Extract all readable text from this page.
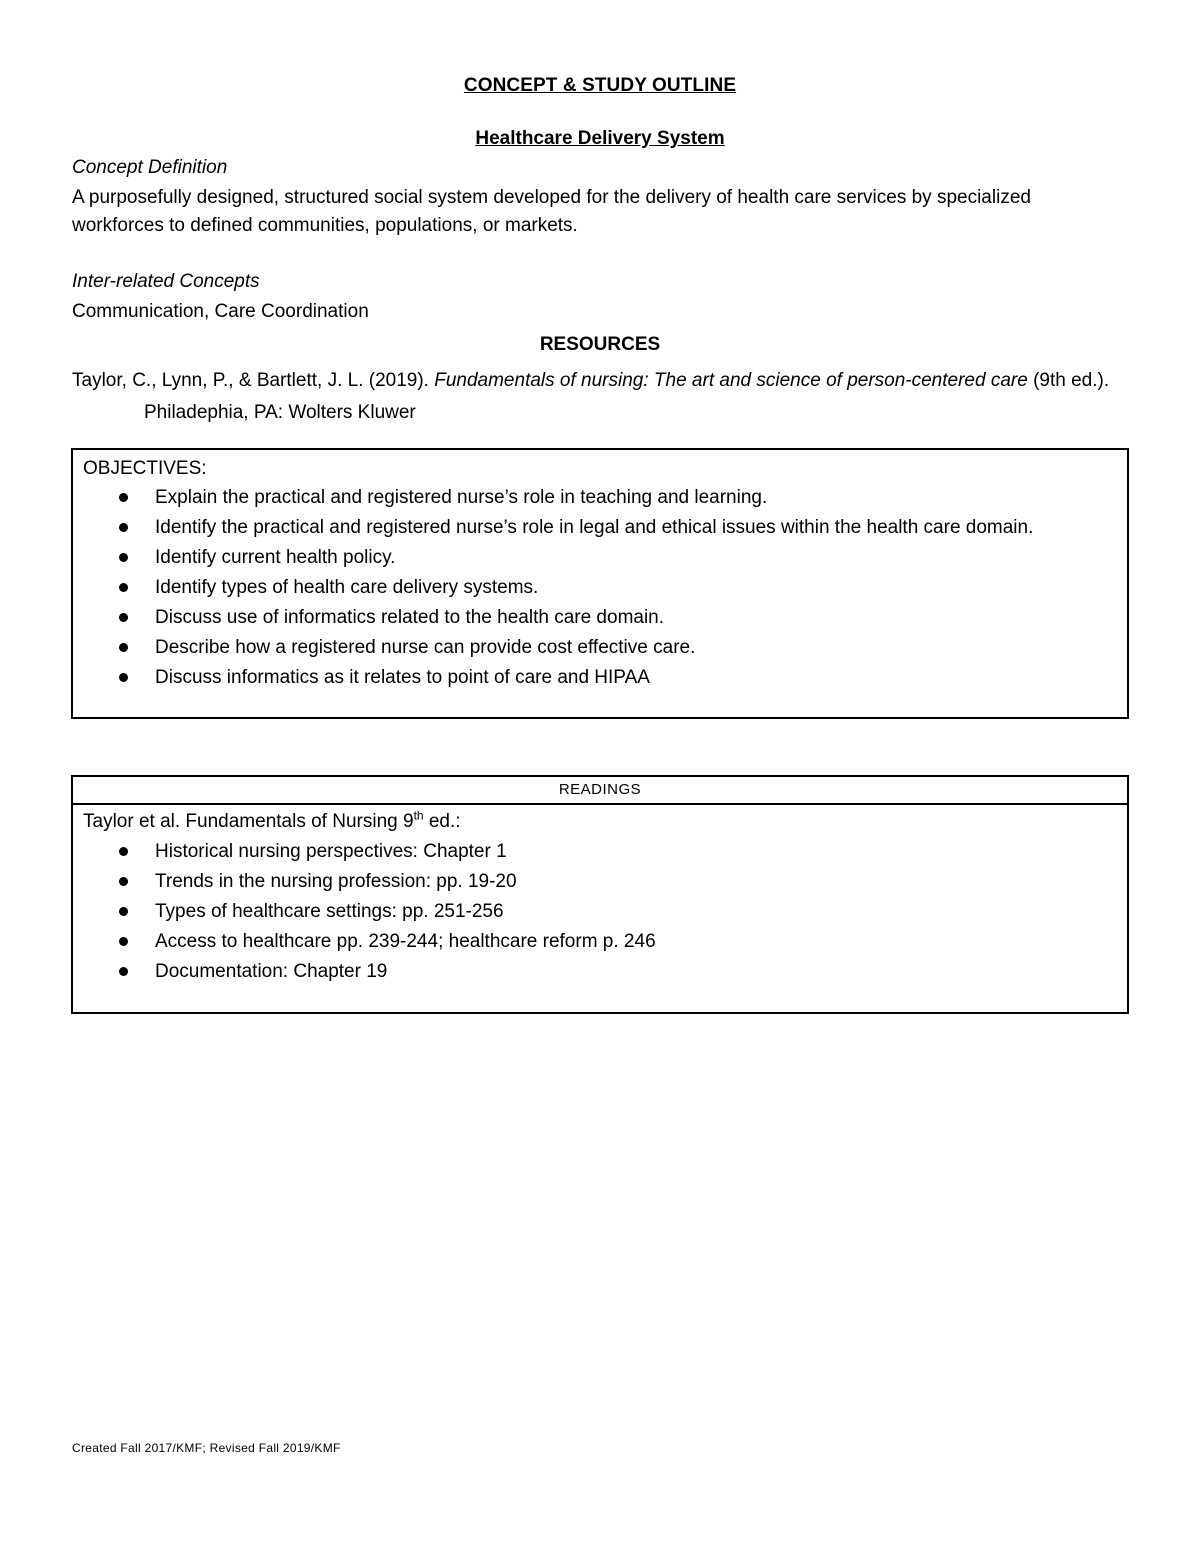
CONCEPT & STUDY OUTLINE
Healthcare Delivery System
Concept Definition
A purposefully designed, structured social system developed for the delivery of health care services by specialized workforces to defined communities, populations, or markets.
Inter-related Concepts
Communication, Care Coordination
RESOURCES
Taylor, C., Lynn, P., & Bartlett, J. L. (2019). Fundamentals of nursing: The art and science of person-centered care (9th ed.). Philadephia, PA: Wolters Kluwer
OBJECTIVES:
Explain the practical and registered nurse’s role in teaching and learning.
Identify the practical and registered nurse’s role in legal and ethical issues within the health care domain.
Identify current health policy.
Identify types of health care delivery systems.
Discuss use of informatics related to the health care domain.
Describe how a registered nurse can provide cost effective care.
Discuss informatics as it relates to point of care and HIPAA
READINGS
Taylor et al. Fundamentals of Nursing 9th ed.:
Historical nursing perspectives: Chapter 1
Trends in the nursing profession: pp. 19-20
Types of healthcare settings: pp. 251-256
Access to healthcare pp. 239-244; healthcare reform p. 246
Documentation: Chapter 19
Created Fall 2017/KMF; Revised Fall 2019/KMF
